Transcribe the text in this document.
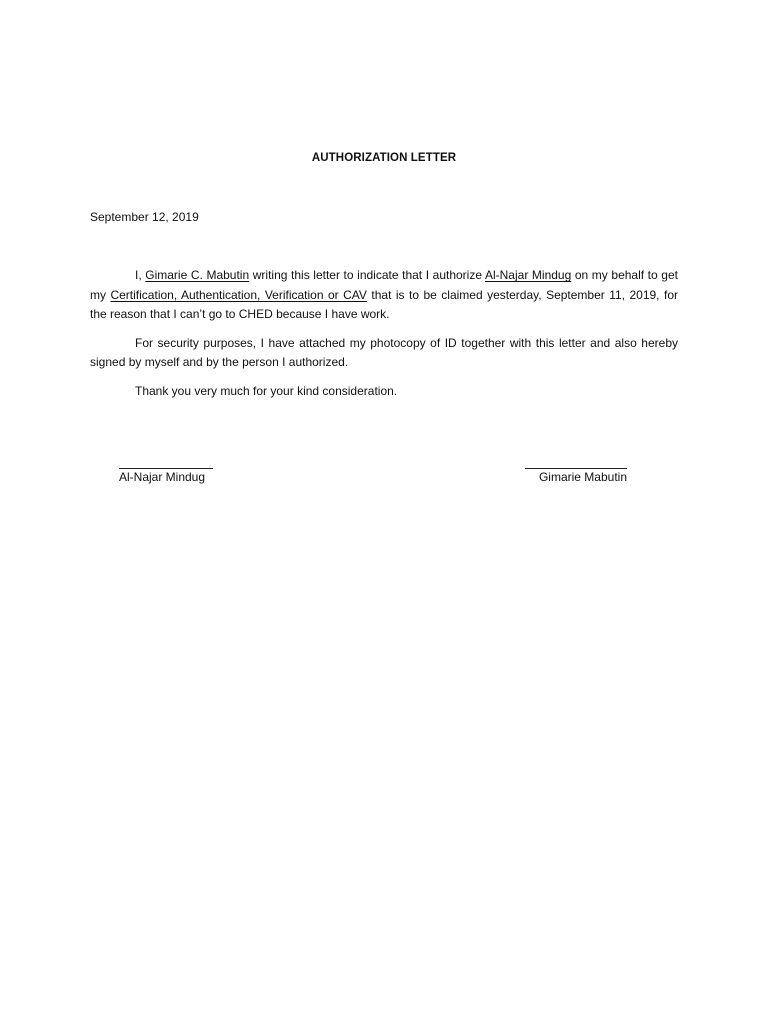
AUTHORIZATION LETTER
September 12, 2019

I, Gimarie C. Mabutin writing this letter to indicate that I authorize Al-Najar Mindug on my behalf to get my Certification, Authentication, Verification or CAV that is to be claimed yesterday, September 11, 2019, for the reason that I can’t go to CHED because I have work.

For security purposes, I have attached my photocopy of ID together with this letter and also hereby signed by myself and by the person I authorized.

Thank you very much for your kind consideration.

Al-Najar Mindug	Gimarie Mabutin
